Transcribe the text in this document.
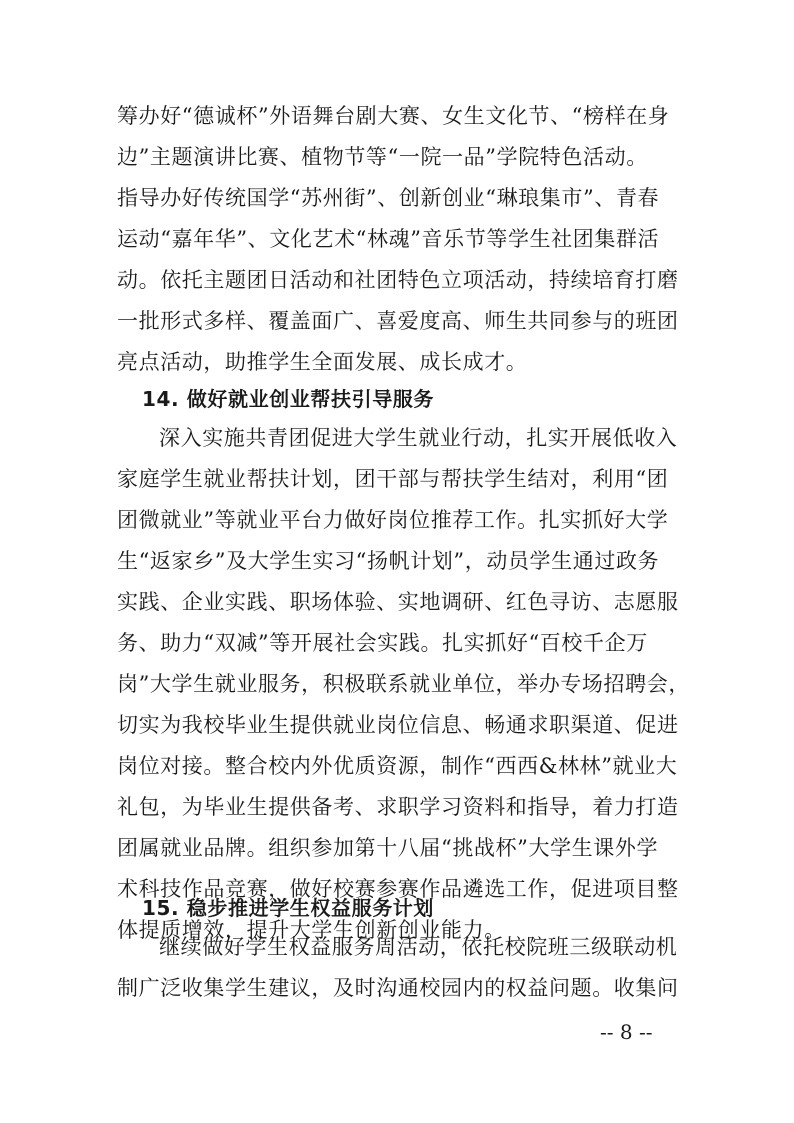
筹办好“德诚杯”外语舞台剧大赛、女生文化节、“榜样在身
边”主题演讲比赛、植物节等“一院一品”学院特色活动。
指导办好传统国学“苏州街”、创新创业“琳琅集市”、青春
运动“嘉年华”、文化艺术“林魂”音乐节等学生社团集群活
动。依托主题团日活动和社团特色立项活动，持续培育打磨
一批形式多样、覆盖面广、喜爱度高、师生共同参与的班团
亮点活动，助推学生全面发展、成长成才。
14. 做好就业创业帮扶引导服务
深入实施共青团促进大学生就业行动，扎实开展低收入
家庭学生就业帮扶计划，团干部与帮扶学生结对，利用“团
团微就业”等就业平台力做好岗位推荐工作。扎实抓好大学
生“返家乡”及大学生实习“扬帆计划”，动员学生通过政务
实践、企业实践、职场体验、实地调研、红色寻访、志愿服
务、助力“双减”等开展社会实践。扎实抓好“百校千企万
岗”大学生就业服务，积极联系就业单位，举办专场招聘会，
切实为我校毕业生提供就业岗位信息、畅通求职渠道、促进
岗位对接。整合校内外优质资源，制作“西西&林林”就业大
礼包，为毕业生提供备考、求职学习资料和指导，着力打造
团属就业品牌。组织参加第十八届“挑战杯”大学生课外学
术科技作品竞赛，做好校赛参赛作品遴选工作，促进项目整
体提质增效，提升大学生创新创业能力。
15. 稳步推进学生权益服务计划
继续做好学生权益服务周活动，依托校院班三级联动机
制广泛收集学生建议，及时沟通校园内的权益问题。收集问
-- 8 --
